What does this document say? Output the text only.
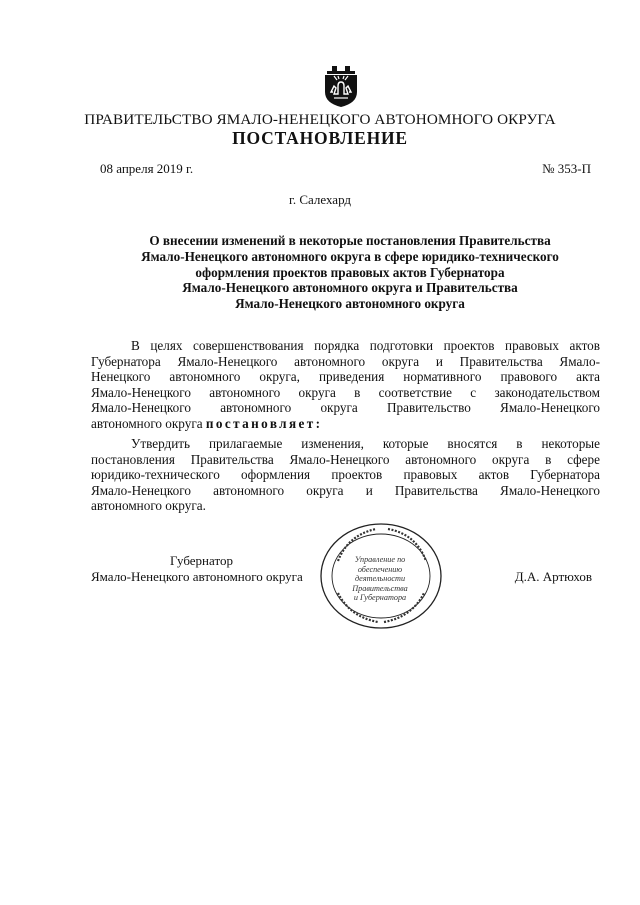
ПРАВИТЕЛЬСТВО ЯМАЛО-НЕНЕЦКОГО АВТОНОМНОГО ОКРУГА
ПОСТАНОВЛЕНИЕ
08 апреля 2019 г.	№ 353-П
г. Салехард
О внесении изменений в некоторые постановления Правительства
Ямало-Ненецкого автономного округа в сфере юридико-технического
оформления проектов правовых актов Губернатора
Ямало-Ненецкого автономного округа и Правительства
Ямало-Ненецкого автономного округа
В целях совершенствования порядка подготовки проектов правовых актов
Губернатора Ямало-Ненецкого автономного округа и Правительства Ямало-
Ненецкого автономного округа, приведения нормативного правового акта
Ямало-Ненецкого автономного округа в соответствие с законодательством
Ямало-Ненецкого автономного округа Правительство Ямало-Ненецкого
автономного округа постановляет:
Утвердить прилагаемые изменения, которые вносятся в некоторые
постановления Правительства Ямало-Ненецкого автономного округа в сфере
юридико-технического оформления проектов правовых актов Губернатора
Ямало-Ненецкого автономного округа и Правительства Ямало-Ненецкого
автономного округа.
Губернатор
Ямало-Ненецкого автономного округа	Д.А. Артюхов
Управление по
обеспечению
деятельности
Правительства
и Губернатора
